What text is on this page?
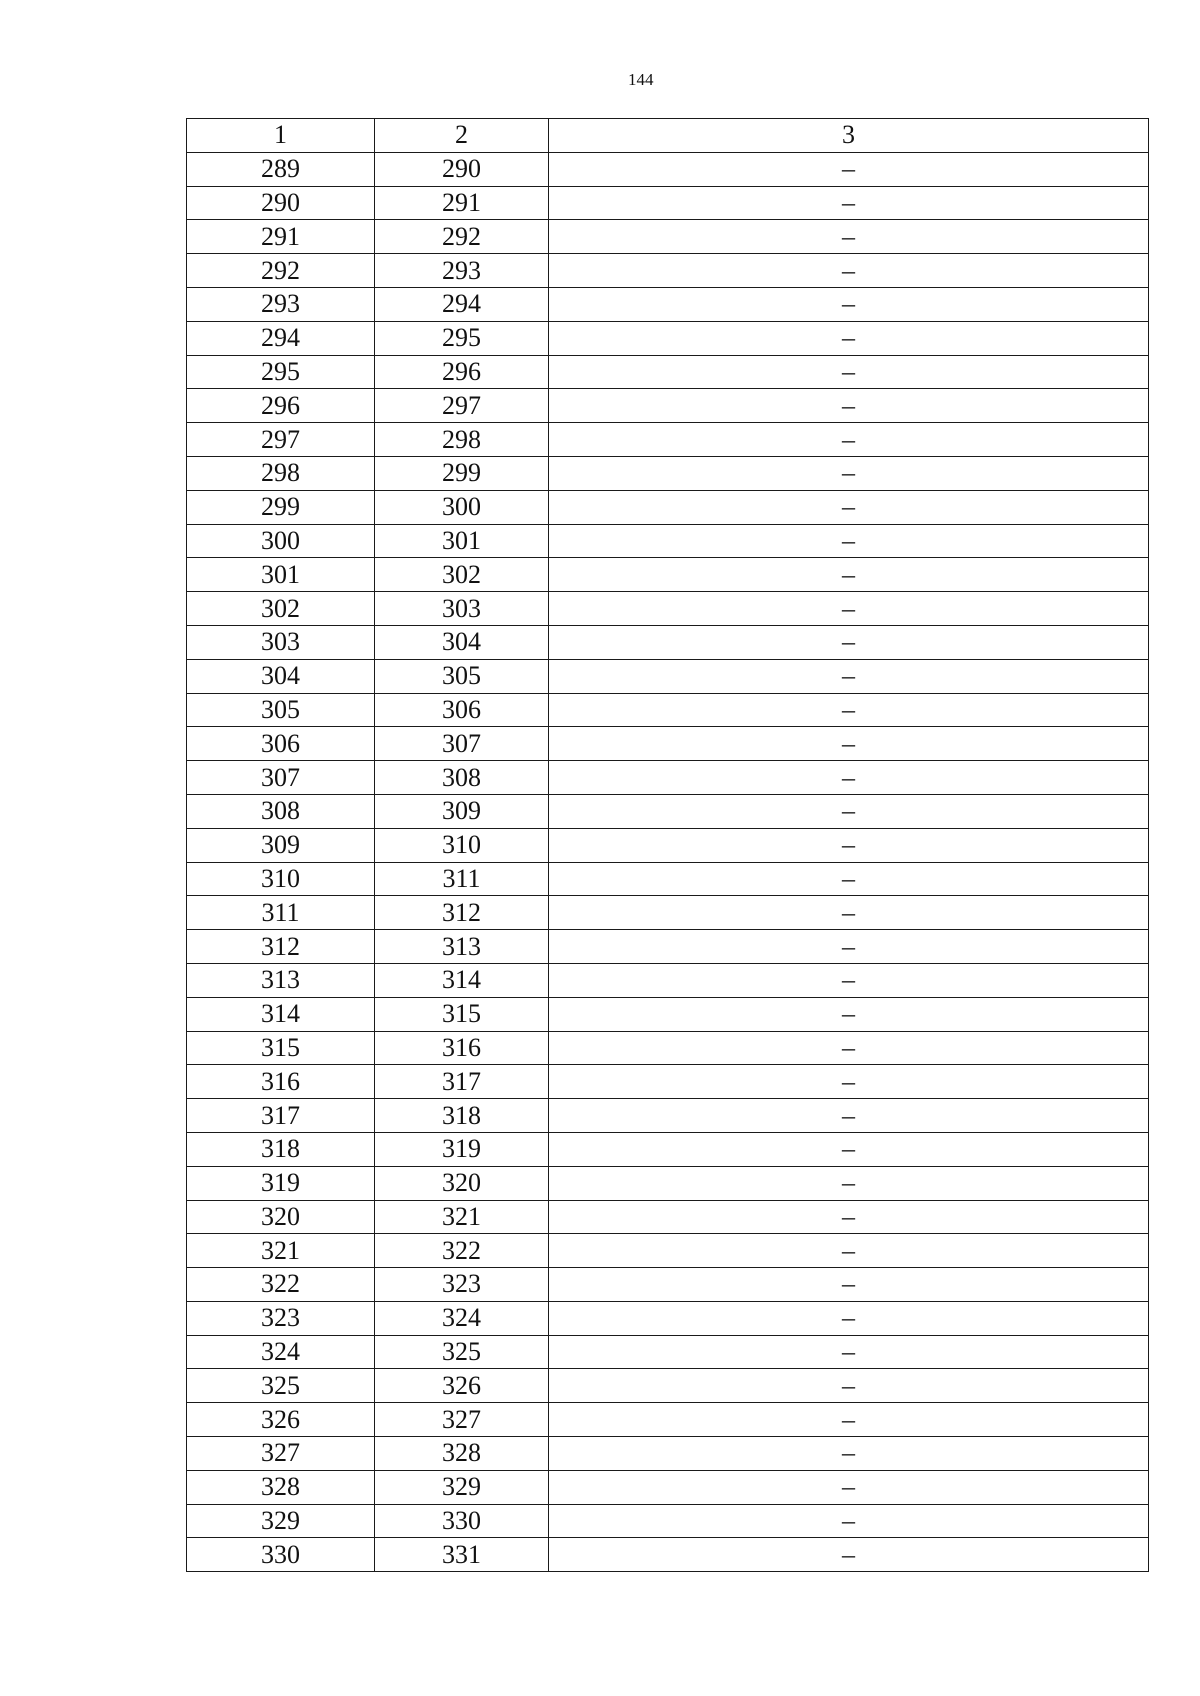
144
1	2	3
289	290	–
290	291	–
291	292	–
292	293	–
293	294	–
294	295	–
295	296	–
296	297	–
297	298	–
298	299	–
299	300	–
300	301	–
301	302	–
302	303	–
303	304	–
304	305	–
305	306	–
306	307	–
307	308	–
308	309	–
309	310	–
310	311	–
311	312	–
312	313	–
313	314	–
314	315	–
315	316	–
316	317	–
317	318	–
318	319	–
319	320	–
320	321	–
321	322	–
322	323	–
323	324	–
324	325	–
325	326	–
326	327	–
327	328	–
328	329	–
329	330	–
330	331	–
